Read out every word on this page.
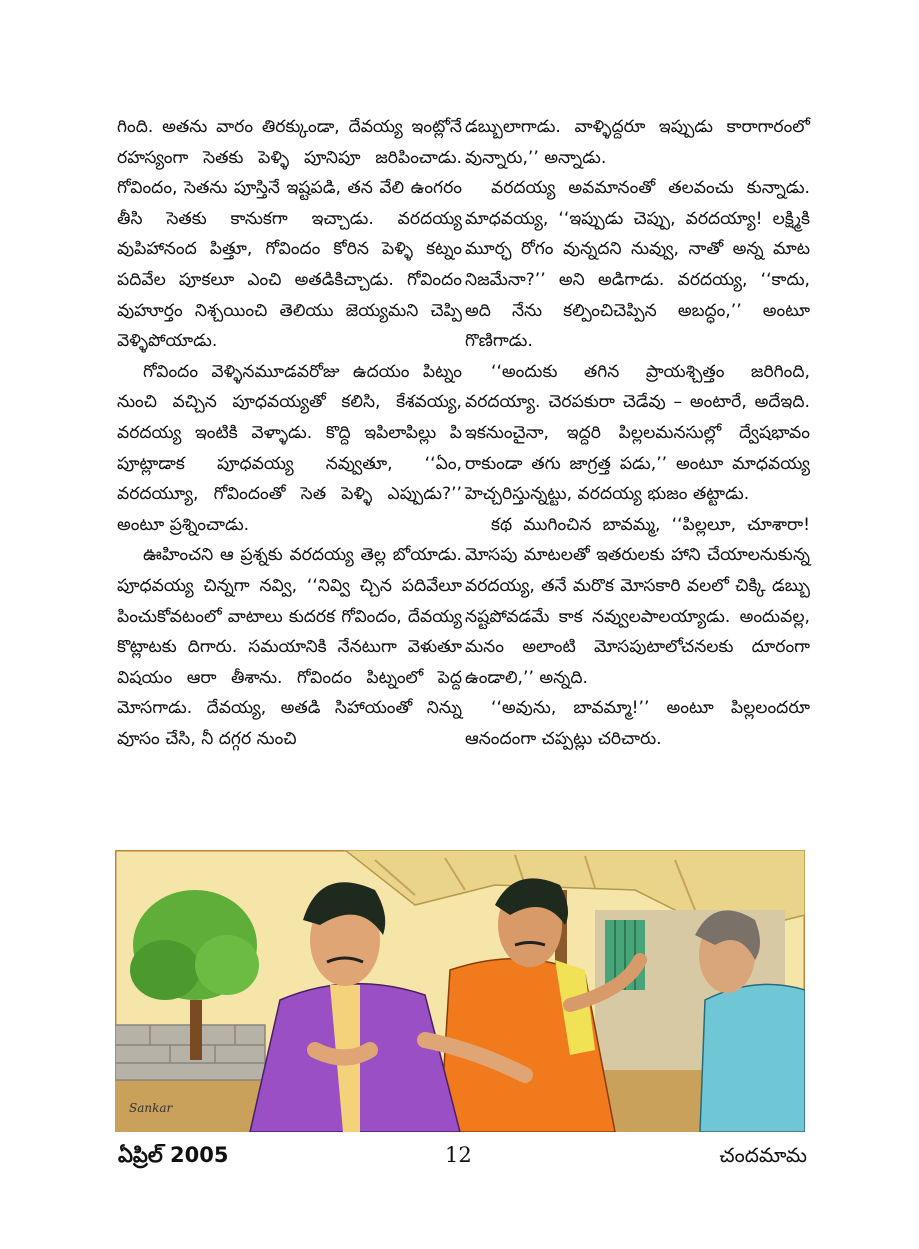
గింది. అతను వారం తిరక్కుండా, దేవయ్య ఇంట్లోనే రహస్యంగా సెతకు పెళ్ళి పూనిపూ జరిపించాడు. గోవిందం, సెతను పూస్తినే ఇష్టపడి, తన వేలి ఉంగరం తీసి సెతకు కానుకగా ఇచ్చాడు. వరదయ్య వుపిహానంద పిత్తూ, గోవిందం కోరిన పెళ్ళి కట్నం పదివేల పూకలూ ఎంచి అతడికిచ్చాడు. గోవిందం వుహూర్తం నిశ్చయించి తెలియు జెయ్యమని చెప్పి వెళ్ళిపోయాడు.

గోవిందం వెళ్ళినమూడవరోజు ఉదయం పిట్నం నుంచి వచ్చిన పూధవయ్యతో కలిసి, కేశవయ్య, వరదయ్య ఇంటికి వెళ్ళాడు. కొద్ది ఇపిలాపిల్లు పి పూట్లాడాక పూధవయ్య నవ్వుతూ, ‘‘ఏం, వరదయ్యూ, గోవిందంతో సెత పెళ్ళి ఎప్పుడు?’’ అంటూ ప్రశ్నించాడు.

ఊహించని ఆ ప్రశ్నకు వరదయ్య తెల్ల బోయాడు. పూధవయ్య చిన్నగా నవ్వి, ‘‘నివ్వి చ్చిన పదివేలూ పించుకోవటంలో వాటాలు కుదరక గోవిందం, దేవయ్య కొట్లాటకు దిగారు. సమయానికి నేనటుగా వెళుతూ విషయం ఆరా తీశాను. గోవిందం పిట్నంలో పెద్ద మోసగాడు. దేవయ్య, అతడి సిహాయంతో నిన్ను వూసం చేసి, నీ దగ్గర నుంచి

డబ్బులాగాడు. వాళ్ళిద్దరూ ఇప్పుడు కారాగారంలో వున్నారు,’’ అన్నాడు.

వరదయ్య అవమానంతో తలవంచు కున్నాడు. మాధవయ్య, ‘‘ఇప్పుడు చెప్పు, వరదయ్యా! లక్ష్మికి మూర్ఛ రోగం వున్నదని నువ్వు, నాతో అన్న మాట నిజమేనా?’’ అని అడిగాడు. వరదయ్య, ‘‘కాదు, అది నేను కల్పించిచెప్పిన అబద్ధం,’’ అంటూ గొణిగాడు.

‘‘అందుకు తగిన ప్రాయశ్చిత్తం జరిగింది, వరదయ్యా. చెరపకురా చెడేవు – అంటారే, అదేఇది. ఇకనుంచైనా, ఇద్దరి పిల్లలమనసుల్లో ద్వేషభావం రాకుండా తగు జాగ్రత్త పడు,’’ అంటూ మాధవయ్య హెచ్చరిస్తున్నట్టు, వరదయ్య భుజం తట్టాడు.

కథ ముగించిన బావమ్మ, ‘‘పిల్లలూ, చూశారా! మోసపు మాటలతో ఇతరులకు హాని చేయాలనుకున్న వరదయ్య, తనే మరొక మోసకారి వలలో చిక్కి డబ్బు నష్టపోవడమే కాక నవ్వులపాలయ్యాడు. అందువల్ల, మనం అలాంటి మోసపుటాలోచనలకు దూరంగా ఉండాలి,’’ అన్నది.

‘‘అవును, బావమ్మా!’’ అంటూ పిల్లలందరూ ఆనందంగా చప్పట్లు చరిచారు.

Sankar
ఏప్రిల్ 2005	12	చందమామ
